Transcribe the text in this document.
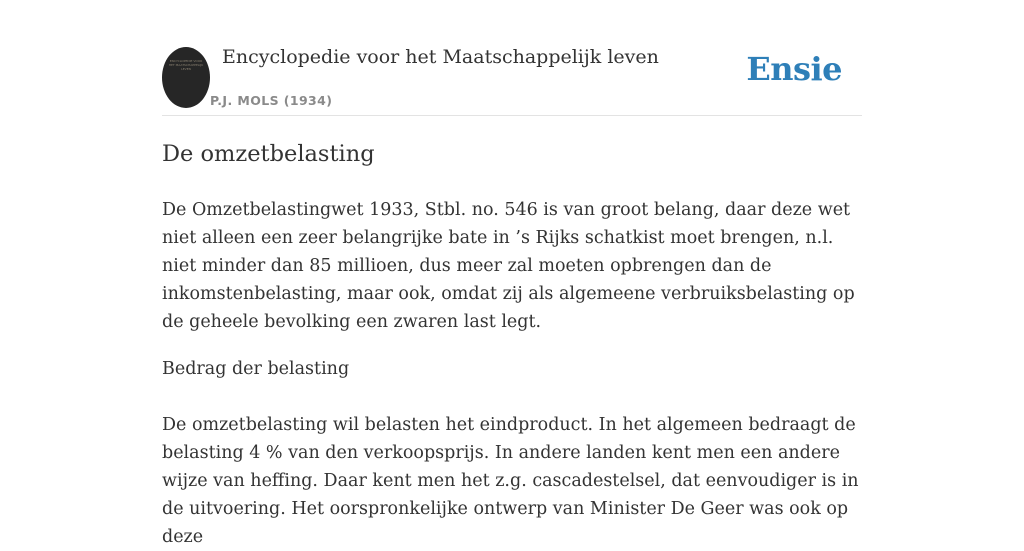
ENCYCLOPEDIE VOOR HET MAATSCHAPPELIJK LEVEN
Encyclopedie voor het Maatschappelijk leven
P.J. MOLS (1934)
Ensie
De omzetbelasting

De Omzetbelastingwet 1933, Stbl. no. 546 is van groot belang, daar deze wet niet alleen een zeer belangrijke bate in ’s Rijks schatkist moet brengen, n.l. niet minder dan 85 millioen, dus meer zal moeten opbrengen dan de inkomstenbelasting, maar ook, omdat zij als algemeene verbruiksbelasting op de geheele bevolking een zwaren last legt.

Bedrag der belasting

De omzetbelasting wil belasten het eindproduct. In het algemeen bedraagt de belasting 4 % van den verkoopsprijs. In andere landen kent men een andere wijze van heffing. Daar kent men het z.g. cascadestelsel, dat eenvoudiger is in de uitvoering. Het oorspronkelijke ontwerp van Minister De Geer was ook op deze
